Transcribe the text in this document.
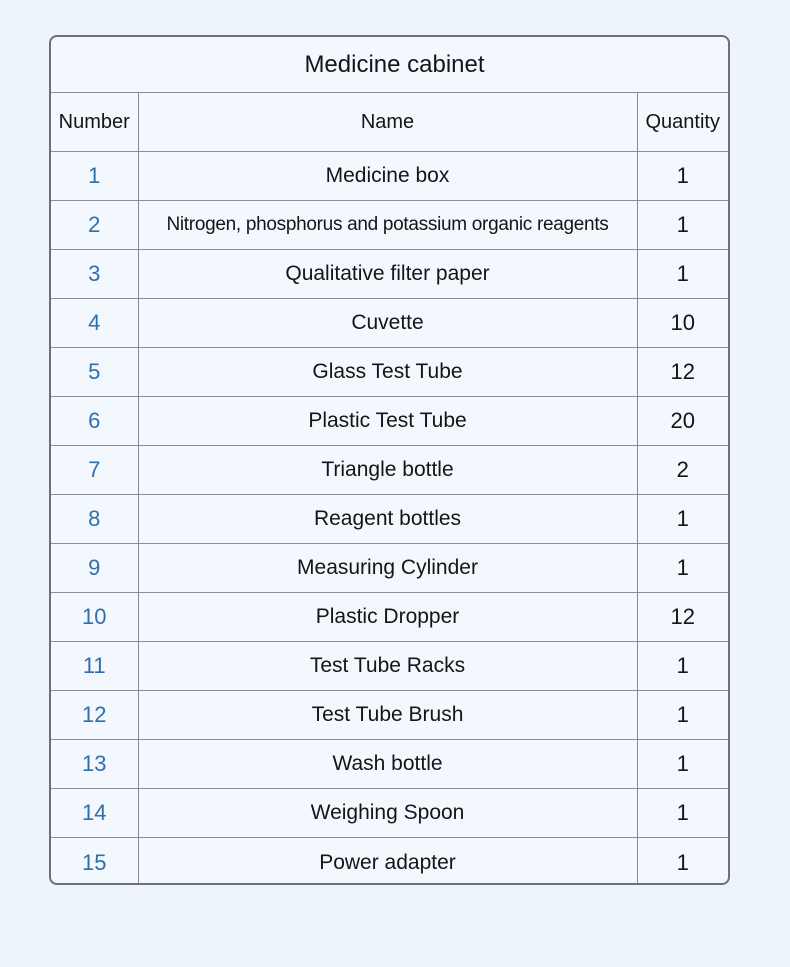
Medicine cabinet
Number	Name	Quantity
1	Medicine box	1
2	Nitrogen, phosphorus and potassium organic reagents	1
3	Qualitative filter paper	1
4	Cuvette	10
5	Glass Test Tube	12
6	Plastic Test Tube	20
7	Triangle bottle	2
8	Reagent bottles	1
9	Measuring Cylinder	1
10	Plastic Dropper	12
11	Test Tube Racks	1
12	Test Tube Brush	1
13	Wash bottle	1
14	Weighing Spoon	1
15	Power adapter	1
